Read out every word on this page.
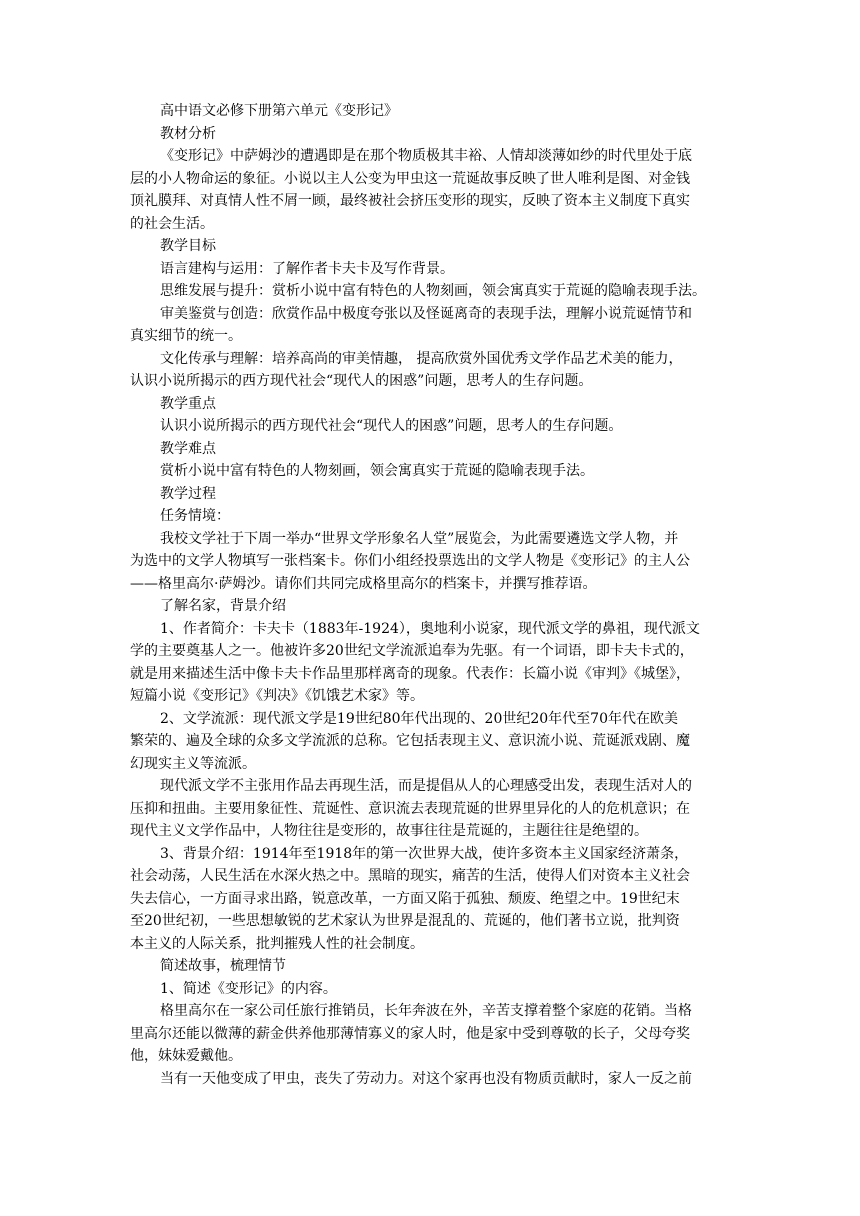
高中语文必修下册第六单元《变形记》

教材分析

《变形记》中萨姆沙的遭遇即是在那个物质极其丰裕、人情却淡薄如纱的时代里处于底

层的小人物命运的象征。小说以主人公变为甲虫这一荒诞故事反映了世人唯利是图、对金钱

顶礼膜拜、对真情人性不屑一顾，最终被社会挤压变形的现实，反映了资本主义制度下真实

的社会生活。

教学目标

语言建构与运用：了解作者卡夫卡及写作背景。

思维发展与提升：赏析小说中富有特色的人物刻画，领会寓真实于荒诞的隐喻表现手法。

审美鉴赏与创造：欣赏作品中极度夸张以及怪诞离奇的表现手法，理解小说荒诞情节和

真实细节的统一。

文化传承与理解：培养高尚的审美情趣， 提高欣赏外国优秀文学作品艺术美的能力，

认识小说所揭示的西方现代社会“现代人的困惑”问题，思考人的生存问题。

教学重点

认识小说所揭示的西方现代社会“现代人的困惑”问题，思考人的生存问题。

教学难点

赏析小说中富有特色的人物刻画，领会寓真实于荒诞的隐喻表现手法。

教学过程

任务情境：

我校文学社于下周一举办“世界文学形象名人堂”展览会，为此需要遴选文学人物，并

为选中的文学人物填写一张档案卡。你们小组经投票选出的文学人物是《变形记》的主人公

——格里高尔·萨姆沙。请你们共同完成格里高尔的档案卡，并撰写推荐语。

了解名家，背景介绍

1、作者简介：卡夫卡（1883年-1924），奥地利小说家，现代派文学的鼻祖，现代派文

学的主要奠基人之一。他被许多20世纪文学流派追奉为先驱。有一个词语，即卡夫卡式的，

就是用来描述生活中像卡夫卡作品里那样离奇的现象。代表作：长篇小说《审判》《城堡》，

短篇小说《变形记》《判决》《饥饿艺术家》等。

2、文学流派：现代派文学是19世纪80年代出现的、20世纪20年代至70年代在欧美

繁荣的、遍及全球的众多文学流派的总称。它包括表现主义、意识流小说、荒诞派戏剧、魔

幻现实主义等流派。

现代派文学不主张用作品去再现生活，而是提倡从人的心理感受出发，表现生活对人的

压抑和扭曲。主要用象征性、荒诞性、意识流去表现荒诞的世界里异化的人的危机意识；在

现代主义文学作品中，人物往往是变形的，故事往往是荒诞的，主题往往是绝望的。

3、背景介绍：1914年至1918年的第一次世界大战，使许多资本主义国家经济萧条，

社会动荡，人民生活在水深火热之中。黑暗的现实，痛苦的生活，使得人们对资本主义社会

失去信心，一方面寻求出路，锐意改革，一方面又陷于孤独、颓废、绝望之中。19世纪末

至20世纪初，一些思想敏锐的艺术家认为世界是混乱的、荒诞的，他们著书立说，批判资

本主义的人际关系，批判摧残人性的社会制度。

简述故事，梳理情节

1、简述《变形记》的内容。

格里高尔在一家公司任旅行推销员，长年奔波在外，辛苦支撑着整个家庭的花销。当格

里高尔还能以微薄的薪金供养他那薄情寡义的家人时，他是家中受到尊敬的长子，父母夸奖

他，妹妹爱戴他。

当有一天他变成了甲虫，丧失了劳动力。对这个家再也没有物质贡献时，家人一反之前
